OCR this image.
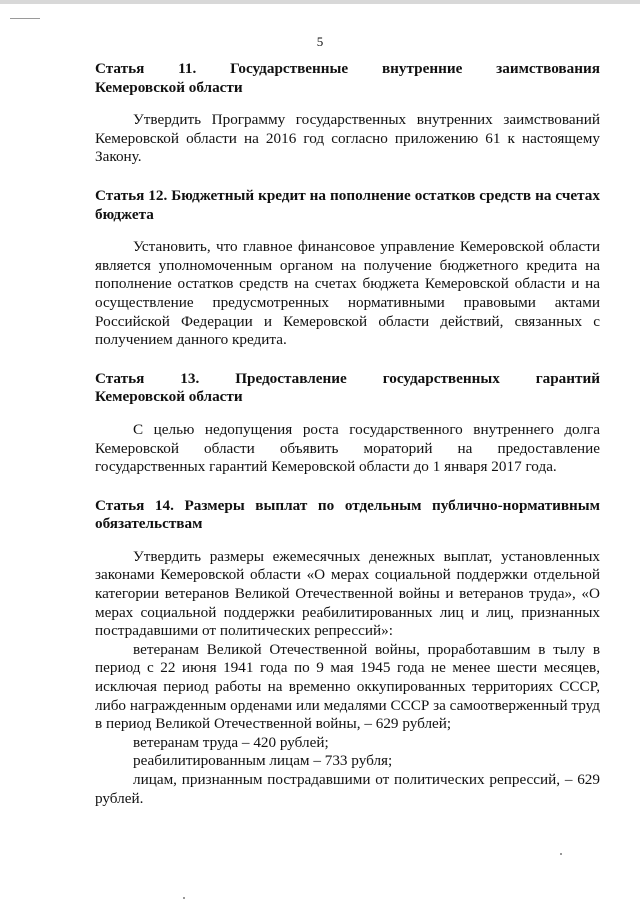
5
Статья 11. Государственные внутренние заимствования
Кемеровской области

Утвердить Программу государственных внутренних заимствований Кемеровской области на 2016 год согласно приложению 61 к настоящему Закону.

Статья 12. Бюджетный кредит на пополнение остатков средств на счетах бюджета

Установить, что главное финансовое управление Кемеровской области является уполномоченным органом на получение бюджетного кредита на пополнение остатков средств на счетах бюджета Кемеровской области и на осуществление предусмотренных нормативными правовыми актами Российской Федерации и Кемеровской области действий, связанных с получением данного кредита.

Статья 13. Предоставление государственных гарантий
Кемеровской области

С целью недопущения роста государственного внутреннего долга Кемеровской области объявить мораторий на предоставление государственных гарантий Кемеровской области до 1 января 2017 года.

Статья 14. Размеры выплат по отдельным публично-нормативным обязательствам

Утвердить размеры ежемесячных денежных выплат, установленных законами Кемеровской области «О мерах социальной поддержки отдельной категории ветеранов Великой Отечественной войны и ветеранов труда», «О мерах социальной поддержки реабилитированных лиц и лиц, признанных пострадавшими от политических репрессий»:

ветеранам Великой Отечественной войны, проработавшим в тылу в период с 22 июня 1941 года по 9 мая 1945 года не менее шести месяцев, исключая период работы на временно оккупированных территориях СССР, либо награжденным орденами или медалями СССР за самоотверженный труд в период Великой Отечественной войны, – 629 рублей;

ветеранам труда – 420 рублей;

реабилитированным лицам – 733 рубля;

лицам, признанным пострадавшими от политических репрессий, – 629 рублей.
